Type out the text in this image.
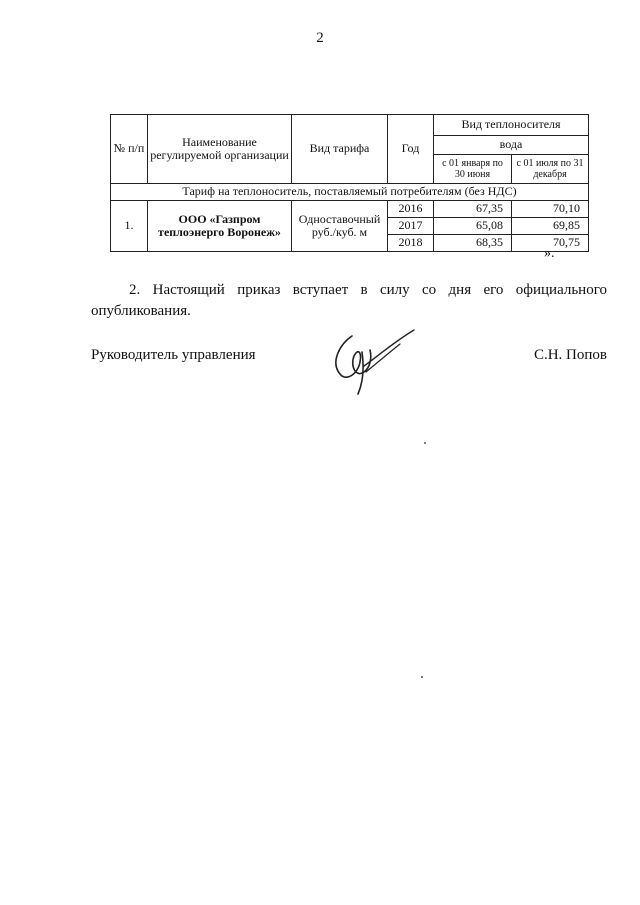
2
№ п/п	Наименование регулируемой организации	Вид тарифа	Год	Вид теплоносителя	
				вода	
				с 01 января по 30 июня	с 01 июля по 31 декабря
Тариф на теплоноситель, поставляемый потребителям (без НДС)					
1.	ООО «Газпром теплоэнерго Воронеж»	Одноставочный руб./куб. м	2016	67,35	70,10
			2017	65,08	69,85
			2018	68,35	70,75
».

2. Настоящий приказ вступает в силу со дня его официального опубликования.

Руководитель управления	С.Н. Попов
